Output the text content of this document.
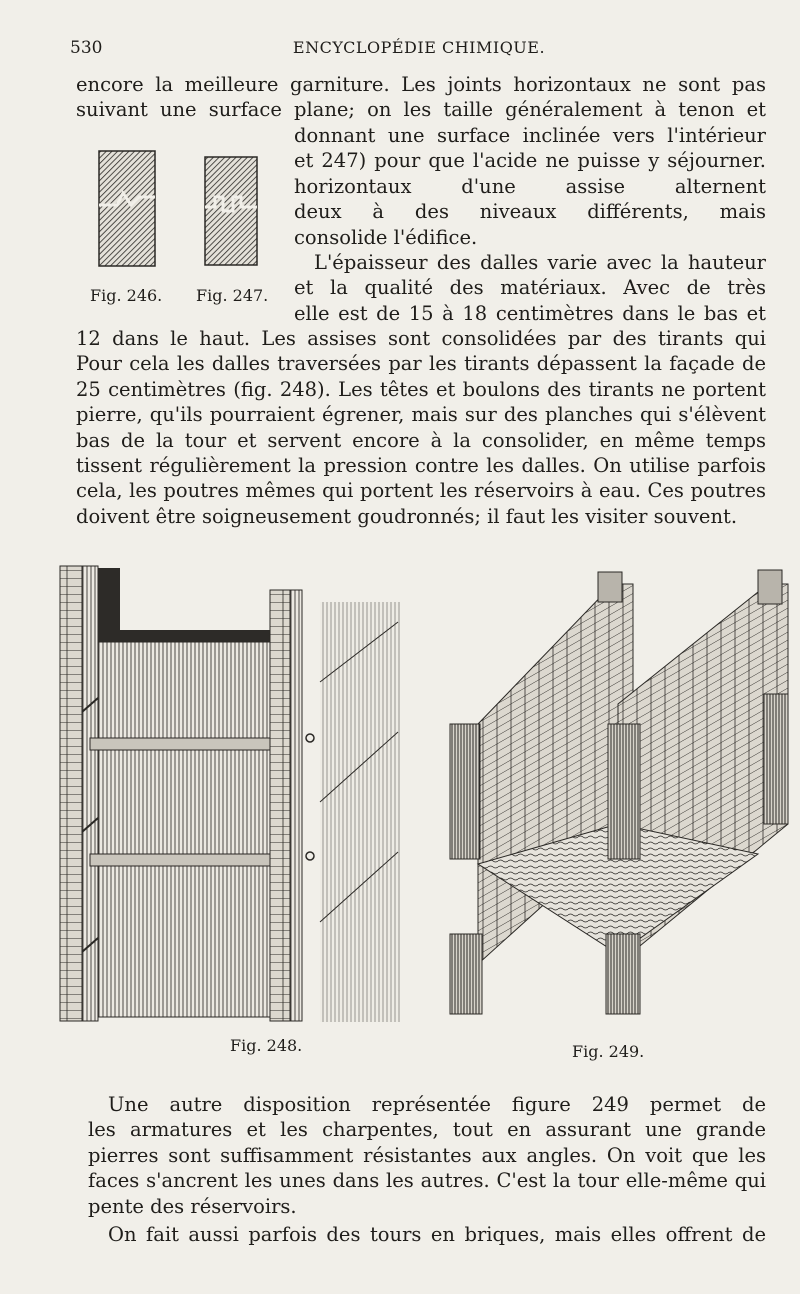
530	ENCYCLOPÉDIE CHIMIQUE.
encore la meilleure garniture. Les joints horizontaux ne sont pas
suivant une surface plane; on les taille généralement à tenon et
Fig. 246. Fig. 247.
donnant une surface inclinée vers l'intérieur
et 247) pour que l'acide ne puisse y séjourner.
horizontaux d'une assise alternent
deux à des niveaux différents, mais
consolide l'édifice.
L'épaisseur des dalles varie avec la hauteur
et la qualité des matériaux. Avec de très
elle est de 15 à 18 centimètres dans le bas et
12 dans le haut. Les assises sont consolidées par des tirants qui
Pour cela les dalles traversées par les tirants dépassent la façade de
25 centimètres (fig. 248). Les têtes et boulons des tirants ne portent
pierre, qu'ils pourraient égrener, mais sur des planches qui s'élèvent
bas de la tour et servent encore à la consolider, en même temps
tissent régulièrement la pression contre les dalles. On utilise parfois
cela, les poutres mêmes qui portent les réservoirs à eau. Ces poutres
doivent être soigneusement goudronnés; il faut les visiter souvent.
Fig. 248.	Fig. 249.
Une autre disposition représentée figure 249 permet de
les armatures et les charpentes, tout en assurant une grande
pierres sont suffisamment résistantes aux angles. On voit que les
faces s'ancrent les unes dans les autres. C'est la tour elle-même qui
pente des réservoirs.
On fait aussi parfois des tours en briques, mais elles offrent de
